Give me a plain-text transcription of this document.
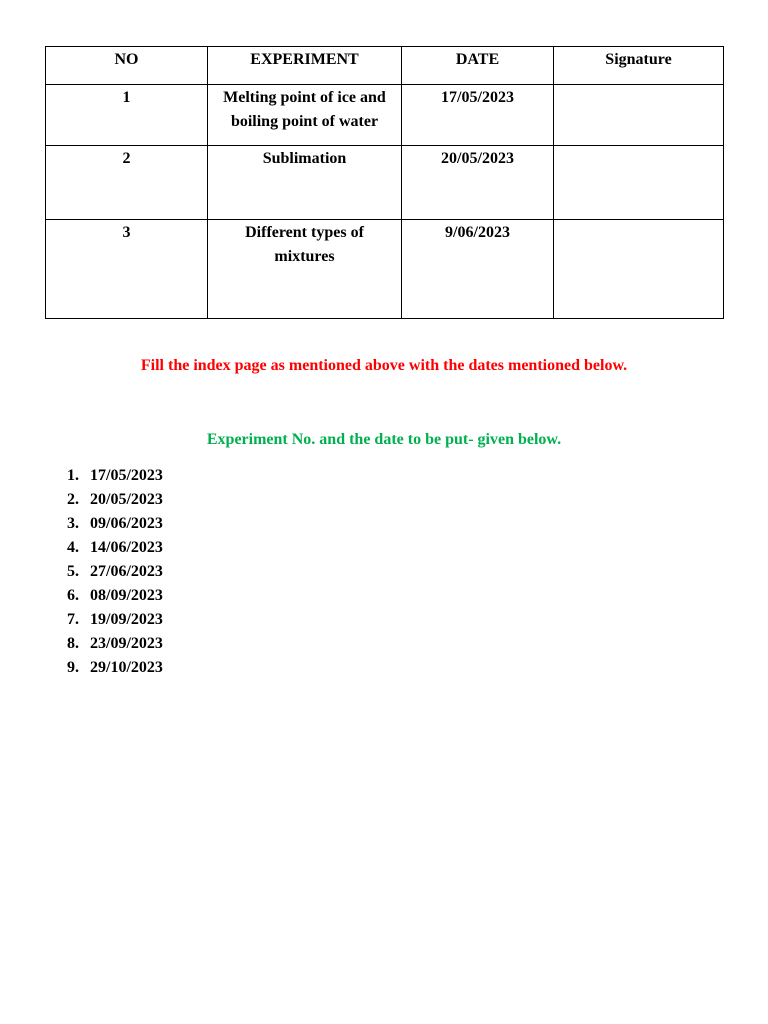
NO	EXPERIMENT	DATE	Signature
1	Melting point of ice and
boiling point of water	17/05/2023	
2	Sublimation	20/05/2023	
3	Different types of
mixtures	9/06/2023	
Fill the index page as mentioned above with the dates mentioned below.
Experiment No. and the date to be put- given below.
1. 17/05/2023
2. 20/05/2023
3. 09/06/2023
4. 14/06/2023
5. 27/06/2023
6. 08/09/2023
7. 19/09/2023
8. 23/09/2023
9. 29/10/2023
